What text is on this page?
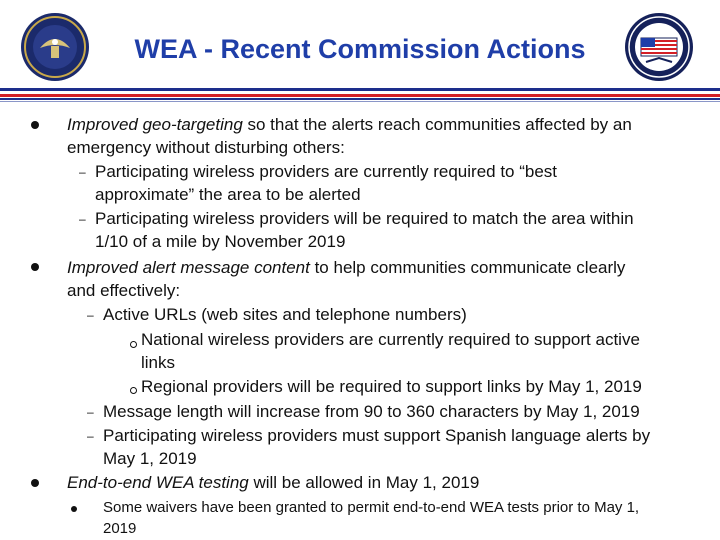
WEA - Recent Commission Actions
Improved geo-targeting so that the alerts reach communities affected by an
emergency without disturbing others:
– Participating wireless providers are currently required to “best
approximate” the area to be alerted
– Participating wireless providers will be required to match the area within
1/10 of a mile by November 2019
Improved alert message content to help communities communicate clearly
and effectively:
– Active URLs (web sites and telephone numbers)
National wireless providers are currently required to support active
links
Regional providers will be required to support links by May 1, 2019
– Message length will increase from 90 to 360 characters by May 1, 2019
– Participating wireless providers must support Spanish language alerts by
May 1, 2019
End-to-end WEA testing will be allowed in May 1, 2019
Some waivers have been granted to permit end-to-end WEA tests prior to May 1,
2019
